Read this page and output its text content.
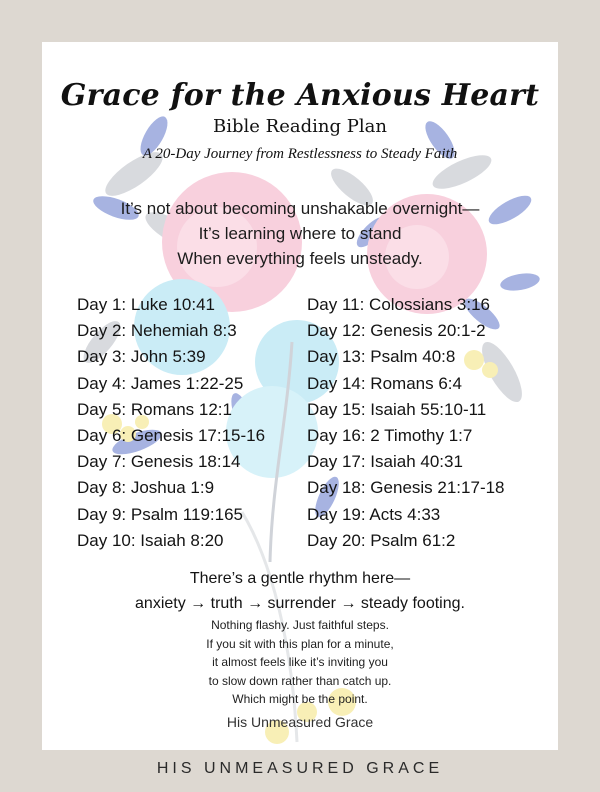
Grace for the Anxious Heart
Bible Reading Plan
A 20-Day Journey from Restlessness to Steady Faith
It’s not about becoming unshakable overnight—
It’s learning where to stand
When everything feels unsteady.
Day 1: Luke 10:41
Day 2: Nehemiah 8:3
Day 3: John 5:39
Day 4: James 1:22-25
Day 5: Romans 12:1
Day 6: Genesis 17:15-16
Day 7: Genesis 18:14
Day 8: Joshua 1:9
Day 9: Psalm 119:165
Day 10: Isaiah 8:20
Day 11: Colossians 3:16
Day 12: Genesis 20:1-2
Day 13: Psalm 40:8
Day 14: Romans 6:4
Day 15: Isaiah 55:10-11
Day 16: 2 Timothy 1:7
Day 17: Isaiah 40:31
Day 18: Genesis 21:17-18
Day 19: Acts 4:33
Day 20: Psalm 61:2
There’s a gentle rhythm here—
anxiety → truth → surrender → steady footing.
Nothing flashy. Just faithful steps.
If you sit with this plan for a minute,
it almost feels like it’s inviting you
to slow down rather than catch up.
Which might be the point.
His Unmeasured Grace
HIS UNMEASURED GRACE
